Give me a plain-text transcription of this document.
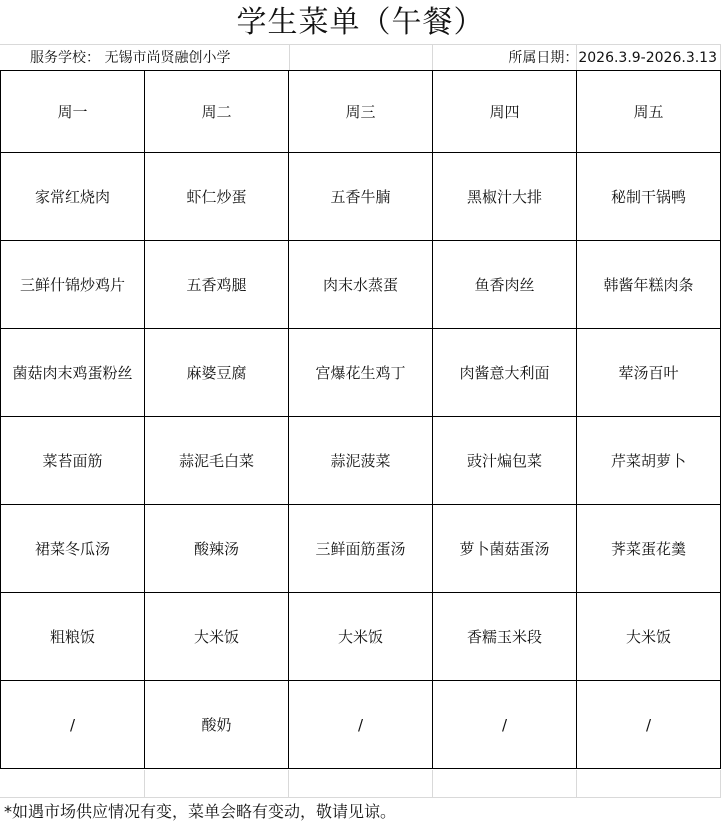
学生菜单（午餐）
服务学校： 无锡市尚贤融创小学	所属日期：2026.3.9-2026.3.13
周一	周二	周三	周四	周五
家常红烧肉	虾仁炒蛋	五香牛腩	黑椒汁大排	秘制干锅鸭
三鲜什锦炒鸡片	五香鸡腿	肉末水蒸蛋	鱼香肉丝	韩酱年糕肉条
菌菇肉末鸡蛋粉丝	麻婆豆腐	宫爆花生鸡丁	肉酱意大利面	荤汤百叶
菜苔面筋	蒜泥毛白菜	蒜泥菠菜	豉汁煸包菜	芹菜胡萝卜
裙菜冬瓜汤	酸辣汤	三鲜面筋蛋汤	萝卜菌菇蛋汤	荠菜蛋花羹
粗粮饭	大米饭	大米饭	香糯玉米段	大米饭
/	酸奶	/	/	/
*如遇市场供应情况有变，菜单会略有变动，敬请见谅。
